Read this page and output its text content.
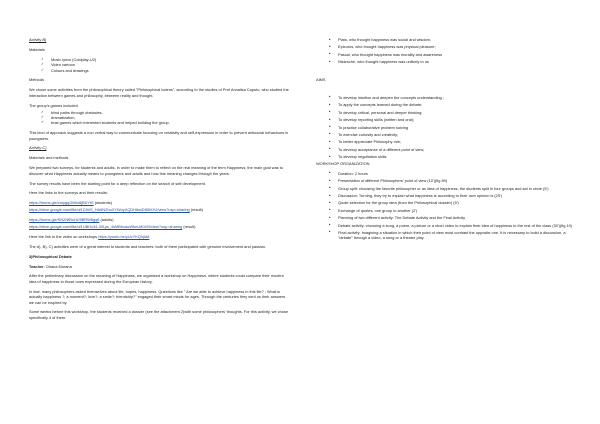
Activity B)

Materials

✓ Music lyrics (Coldplay-U2)
✓ Video cartoon
✓ Colours and drawings

Methods

We chose some activities from the philosophical theory called "Philosophical ludens", according to the studies of Prof Annalisa Caputo, who studied the interaction between games and philosophy, between reality and thought.

The group's games included

✓ blind paths through obstacles,
✓ dramatization,
✓ trust games which interested students and helped building the group.

This kind of approach suggests a non verbal way to communicate focusing on creativity and self-expression in order to prevent antisocial behaviours in youngsters.

Activity C)

Materials and methods

We prepared two surveys, for students and adults, in order to make them to reflect on the real meaning of the term Happiness; the main goal was to discover what Happiness actually means to youngsters and adults and how this meaning changes through the years.

The survey results have been the starting point for a deep reflection on the search of self development.

Here the links to the surveys and their results:

https://forms.gle/cmygqGMbr8jBDYtS (students)

https://drive.google.com/file/d/1DXiiS_HA6NZhuXYWoyXQDH8wiDf65XHJ/view?usp=sharing (result)

https://forms.gle/SN2NfBoHU5BRW8gq6 (adults)

https://drive.google.com/file/d/1UBHc34-30Ljw_4sMBhxaoWbnU8049I/view?usp=sharing (result)

Here the link to the video on workshops https://youtu.be/yUcYKQhjiA8

The A), B), C) activities were of a great interest to students and teachers: both of them participated with genuine involvement and passion.

3)Philosophical Debate

Teacher: Oriana Murana

After the preliminary discussion on the meaning of Happiness, we organised a workshop on Happiness, where students could compare their modern idea of happiness to those ones expressed during the European history.

In fact, many philosophers asked themselves about life, hopes, happiness. Questions like " Are we able to achieve happiness in this life? ; What is actually happiness ?; a moment?; love?; a smile?; friendship?" engaged their smart minds for ages. Through the centuries they sent us their answers we can be inspired by.

Some weeks before this workshop, the students received a dossier (see the attachment 2)with some philosophers' thoughts. For this activity, we chose specifically 4 of them:

• Plato, who thought happiness was social and wisdom;
• Epicurus, who thought happiness was physical pleasure;
• Pascal, who thought happiness was morality and awareness
• Nietzsche, who thought happiness was unlikely to us

AIMS

• To develop intuition and deepen the concepts understanding ;
• To apply the concepts learned during the debate;
• To develop critical, personal and deeper thinking;
• To develop reporting skills (written and oral);
• To practice collaborative problem solving
• To exercise curiosity and creativity;
• To better appreciate Philosophy role;
• To develop acceptance of a different point of view;
• To develop negotiation skills

WORKSHOP ORGANIZATION

• Duration: 2 hours
• Presentation of different Philosophers' point of view (10')(fig 89)
• Group split: choosing the favorite philosopher or an idea of happiness, the students split in four groups and sat in circle (5')
• Discussion: Turning, they try to explain what happiness is according to their own opinion is (25')
• Quote selection for the group idea (from the Philosophical dossier) (5')
• Exchange of quotes, one group to another (2')
• Planning of two different activity: The Debate Activity and the Final Activity
• Debate activity: choosing a song, a poem, a picture or a short video to explain their idea of happiness to the rest of the class (30')(fig 10)
• Final activity: Imagining a situation in which their point of view must contrast the opposite one. It is necessary to build a discussion, a "debate" through a video, a song or a theatre play.
